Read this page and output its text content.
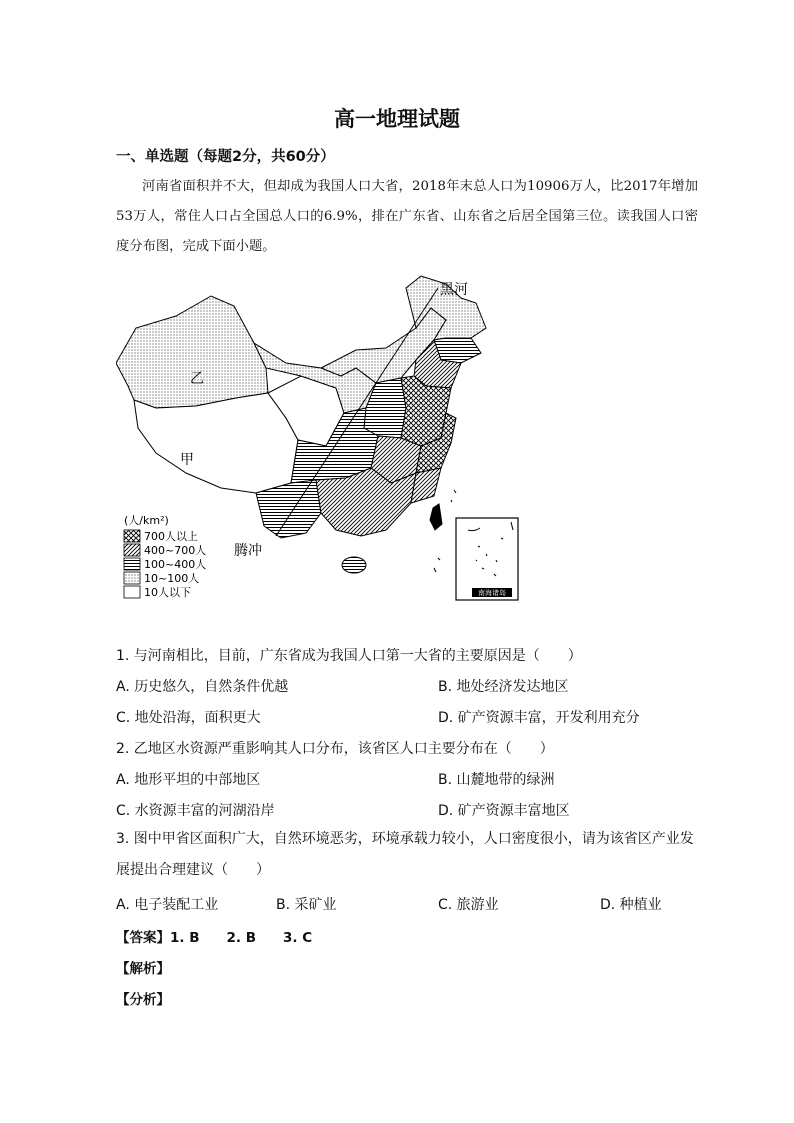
高一地理试题
一、单选题（每题2分，共60分）
河南省面积并不大，但却成为我国人口大省，2018年末总人口为10906万人，比2017年增加53万人，常住人口占全国总人口的6.9%，排在广东省、山东省之后居全国第三位。读我国人口密度分布图，完成下面小题。
南海诸岛
黑河
乙
甲
腾冲
(人/km²)
700人以上
400~700人
100~400人
10~100人
10人以下
1. 与河南相比，目前，广东省成为我国人口第一大省的主要原因是（　　）
A. 历史悠久，自然条件优越	B. 地处经济发达地区
C. 地处沿海，面积更大	D. 矿产资源丰富，开发利用充分
2. 乙地区水资源严重影响其人口分布，该省区人口主要分布在（　　）
A. 地形平坦的中部地区	B. 山麓地带的绿洲
C. 水资源丰富的河湖沿岸	D. 矿产资源丰富地区
3. 图中甲省区面积广大，自然环境恶劣，环境承载力较小，人口密度很小，请为该省区产业发展提出合理建议（　　）
A. 电子装配工业	B. 采矿业	C. 旅游业	D. 种植业
【答案】1. B　　2. B　　3. C
【解析】
【分析】
